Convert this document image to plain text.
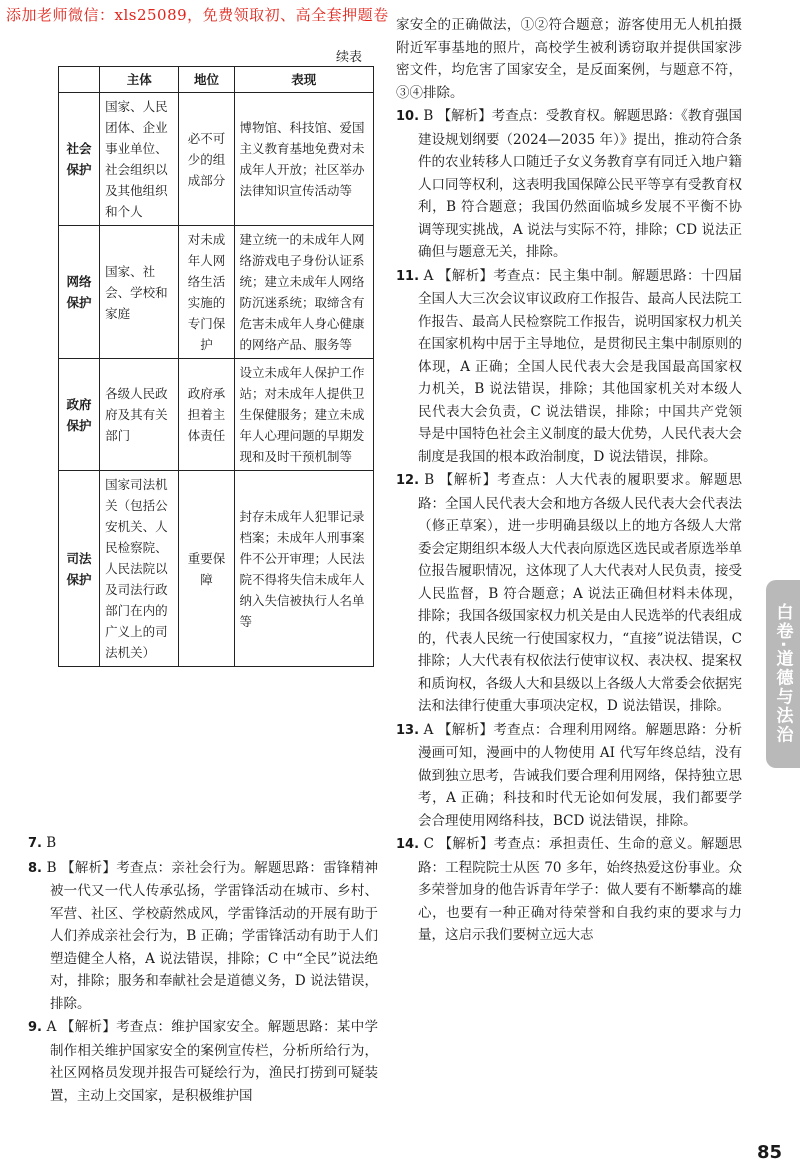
添加老师微信：xls25089，免费领取初、高全套押题卷
续表
	主体	地位	表现
社会保护	国家、人民团体、企业事业单位、社会组织以及其他组织和个人	必不可少的组成部分	博物馆、科技馆、爱国主义教育基地免费对未成年人开放；社区举办法律知识宣传活动等
网络保护	国家、社会、学校和家庭	对未成年人网络生活实施的专门保护	建立统一的未成年人网络游戏电子身份认证系统；建立未成年人网络防沉迷系统；取缔含有危害未成年人身心健康的网络产品、服务等
政府保护	各级人民政府及其有关部门	政府承担着主体责任	设立未成年人保护工作站；对未成年人提供卫生保健服务；建立未成年人心理问题的早期发现和及时干预机制等
司法保护	国家司法机关（包括公安机关、人民检察院、人民法院以及司法行政部门在内的广义上的司法机关）	重要保障	封存未成年人犯罪记录档案；未成年人刑事案件不公开审理；人民法院不得将失信未成年人纳入失信被执行人名单等

7. B

8. B 【解析】考查点：亲社会行为。解题思路：雷锋精神被一代又一代人传承弘扬，学雷锋活动在城市、乡村、军营、社区、学校蔚然成风，学雷锋活动的开展有助于人们养成亲社会行为，B 正确；学雷锋活动有助于人们塑造健全人格，A 说法错误，排除；C 中“全民”说法绝对，排除；服务和奉献社会是道德义务，D 说法错误，排除。

9. A 【解析】考查点：维护国家安全。解题思路：某中学制作相关维护国家安全的案例宣传栏，分析所给行为，社区网格员发现并报告可疑绘行为，渔民打捞到可疑装置，主动上交国家，是积极维护国

家安全的正确做法，①②符合题意；游客使用无人机拍摄附近军事基地的照片，高校学生被利诱窃取并提供国家涉密文件，均危害了国家安全，是反面案例，与题意不符，③④排除。

10. B 【解析】考查点：受教育权。解题思路：《教育强国建设规划纲要（2024—2035 年）》提出，推动符合条件的农业转移人口随迁子女义务教育享有同迁入地户籍人口同等权利，这表明我国保障公民平等享有受教育权利，B 符合题意；我国仍然面临城乡发展不平衡不协调等现实挑战，A 说法与实际不符，排除；CD 说法正确但与题意无关，排除。

11. A 【解析】考查点：民主集中制。解题思路：十四届全国人大三次会议审议政府工作报告、最高人民法院工作报告、最高人民检察院工作报告，说明国家权力机关在国家机构中居于主导地位，是贯彻民主集中制原则的体现，A 正确；全国人民代表大会是我国最高国家权力机关，B 说法错误，排除；其他国家机关对本级人民代表大会负责，C 说法错误，排除；中国共产党领导是中国特色社会主义制度的最大优势，人民代表大会制度是我国的根本政治制度，D 说法错误，排除。

12. B 【解析】考查点：人大代表的履职要求。解题思路：全国人民代表大会和地方各级人民代表大会代表法（修正草案），进一步明确县级以上的地方各级人大常委会定期组织本级人大代表向原选区选民或者原选举单位报告履职情况，这体现了人大代表对人民负责，接受人民监督，B 符合题意；A 说法正确但材料未体现，排除；我国各级国家权力机关是由人民选举的代表组成的，代表人民统一行使国家权力，“直接”说法错误，C 排除；人大代表有权依法行使审议权、表决权、提案权和质询权，各级人大和县级以上各级人大常委会依据宪法和法律行使重大事项决定权，D 说法错误，排除。

13. A 【解析】考查点：合理利用网络。解题思路：分析漫画可知，漫画中的人物使用 AI 代写年终总结，没有做到独立思考，告诫我们要合理利用网络，保持独立思考，A 正确；科技和时代无论如何发展，我们都要学会合理使用网络科技，BCD 说法错误，排除。

14. C 【解析】考查点：承担责任、生命的意义。解题思路：工程院院士从医 70 多年，始终热爱这份事业。众多荣誉加身的他告诉青年学子：做人要有不断攀高的雄心，也要有一种正确对待荣誉和自我约束的要求与力量，这启示我们要树立远大志

白卷·道德与法治
85
